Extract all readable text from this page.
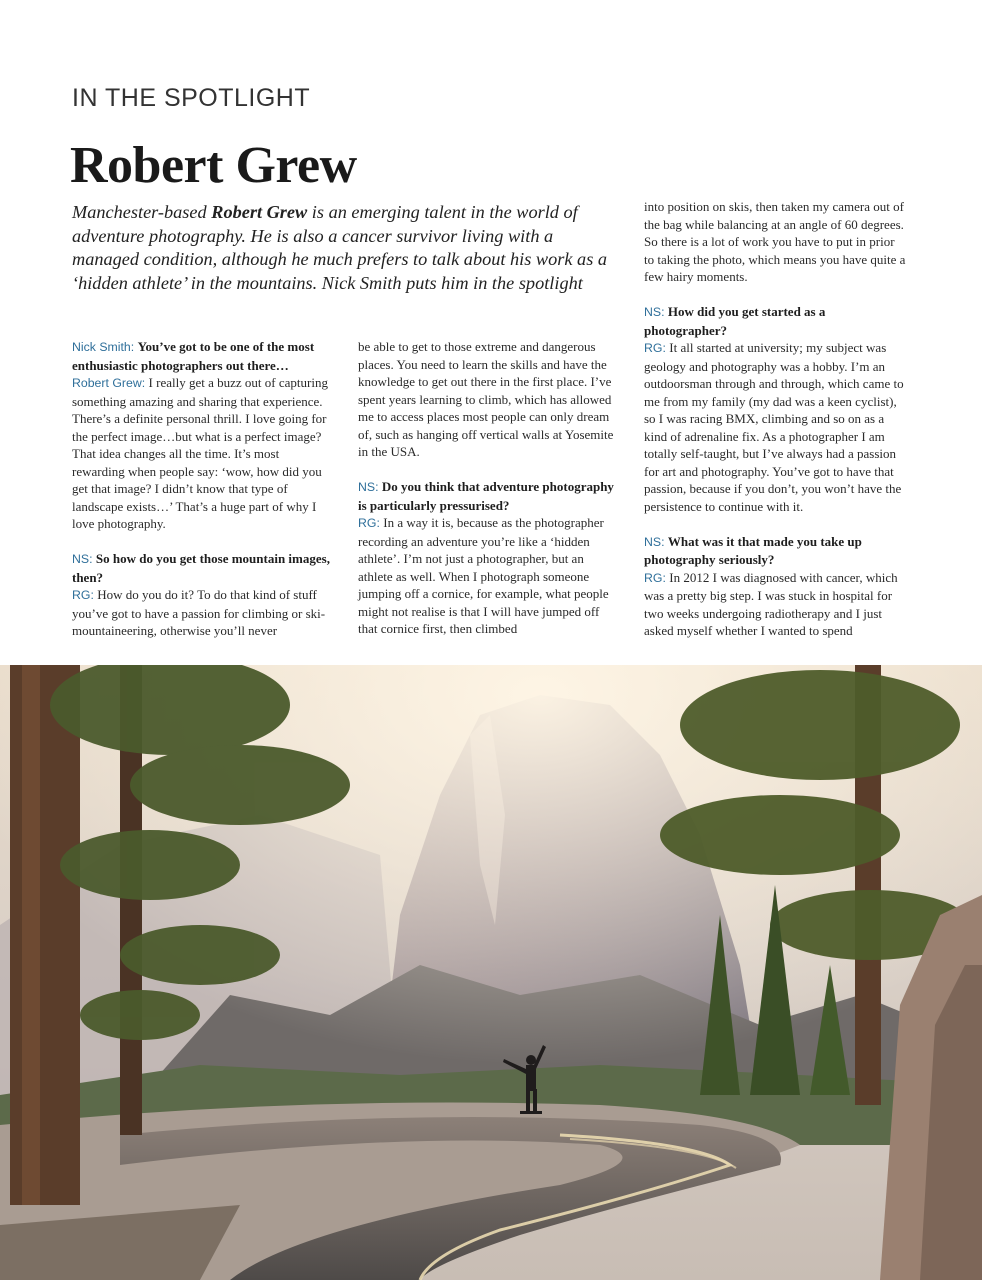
IN THE SPOTLIGHT
Robert Grew
Manchester-based Robert Grew is an emerging talent in the world of adventure photography. He is also a cancer survivor living with a managed condition, although he much prefers to talk about his work as a ‘hidden athlete’ in the mountains. Nick Smith puts him in the spotlight

Nick Smith: You’ve got to be one of the most enthusiastic photographers out there…
Robert Grew: I really get a buzz out of capturing something amazing and sharing that experience. There’s a definite personal thrill. I love going for the perfect image…but what is a perfect image? That idea changes all the time. It’s most rewarding when people say: ‘wow, how did you get that image? I didn’t know that type of landscape exists…’ That’s a huge part of why I love photography.

NS: So how do you get those mountain images, then?
RG: How do you do it? To do that kind of stuff you’ve got to have a passion for climbing or ski-mountaineering, otherwise you’ll never

be able to get to those extreme and dangerous places. You need to learn the skills and have the knowledge to get out there in the first place. I’ve spent years learning to climb, which has allowed me to access places most people can only dream of, such as hanging off vertical walls at Yosemite in the USA.

NS: Do you think that adventure photography is particularly pressurised?
RG: In a way it is, because as the photographer recording an adventure you’re like a ‘hidden athlete’. I’m not just a photographer, but an athlete as well. When I photograph someone jumping off a cornice, for example, what people might not realise is that I will have jumped off that cornice first, then climbed

into position on skis, then taken my camera out of the bag while balancing at an angle of 60 degrees. So there is a lot of work you have to put in prior to taking the photo, which means you have quite a few hairy moments.

NS: How did you get started as a photographer?
RG: It all started at university; my subject was geology and photography was a hobby. I’m an outdoorsman through and through, which came to me from my family (my dad was a keen cyclist), so I was racing BMX, climbing and so on as a kind of adrenaline fix. As a photographer I am totally self-taught, but I’ve always had a passion for art and photography. You’ve got to have that passion, because if you don’t, you won’t have the persistence to continue with it.

NS: What was it that made you take up photography seriously?
RG: In 2012 I was diagnosed with cancer, which was a pretty big step. I was stuck in hospital for two weeks undergoing radiotherapy and I just asked myself whether I wanted to spend
